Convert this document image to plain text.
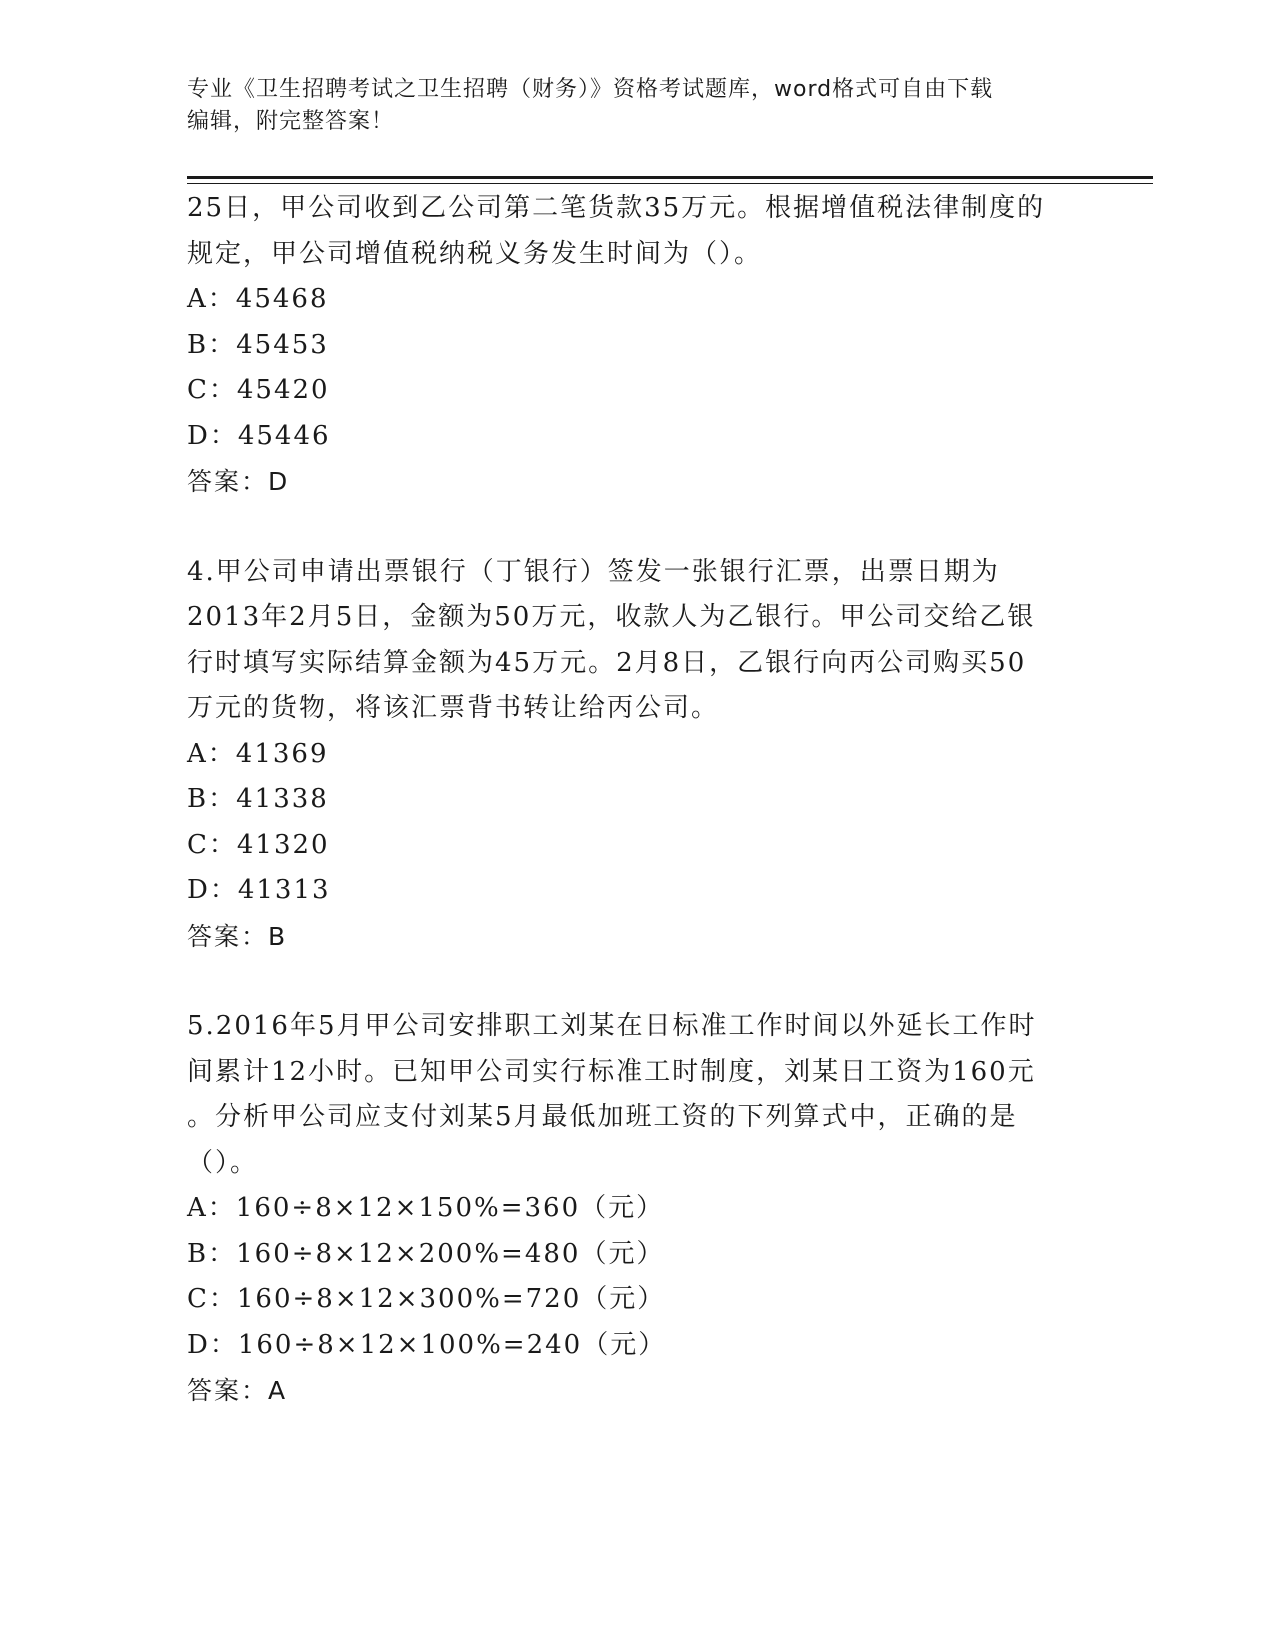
专业《卫生招聘考试之卫生招聘（财务）》资格考试题库，word格式可自由下载
编辑，附完整答案！

25日，甲公司收到乙公司第二笔货款35万元。根据增值税法律制度的

规定，甲公司增值税纳税义务发生时间为（）。

A：45468

B：45453

C：45420

D：45446

答案：D

4.甲公司申请出票银行（丁银行）签发一张银行汇票，出票日期为

2013年2月5日，金额为50万元，收款人为乙银行。甲公司交给乙银

行时填写实际结算金额为45万元。2月8日，乙银行向丙公司购买50

万元的货物，将该汇票背书转让给丙公司。

A：41369

B：41338

C：41320

D：41313

答案：B

5.2016年5月甲公司安排职工刘某在日标准工作时间以外延长工作时

间累计12小时。已知甲公司实行标准工时制度，刘某日工资为160元

。分析甲公司应支付刘某5月最低加班工资的下列算式中，正确的是

（）。

A：160÷8×12×150%=360（元）

B：160÷8×12×200%=480（元）

C：160÷8×12×300%=720（元）

D：160÷8×12×100%=240（元）

答案：A
